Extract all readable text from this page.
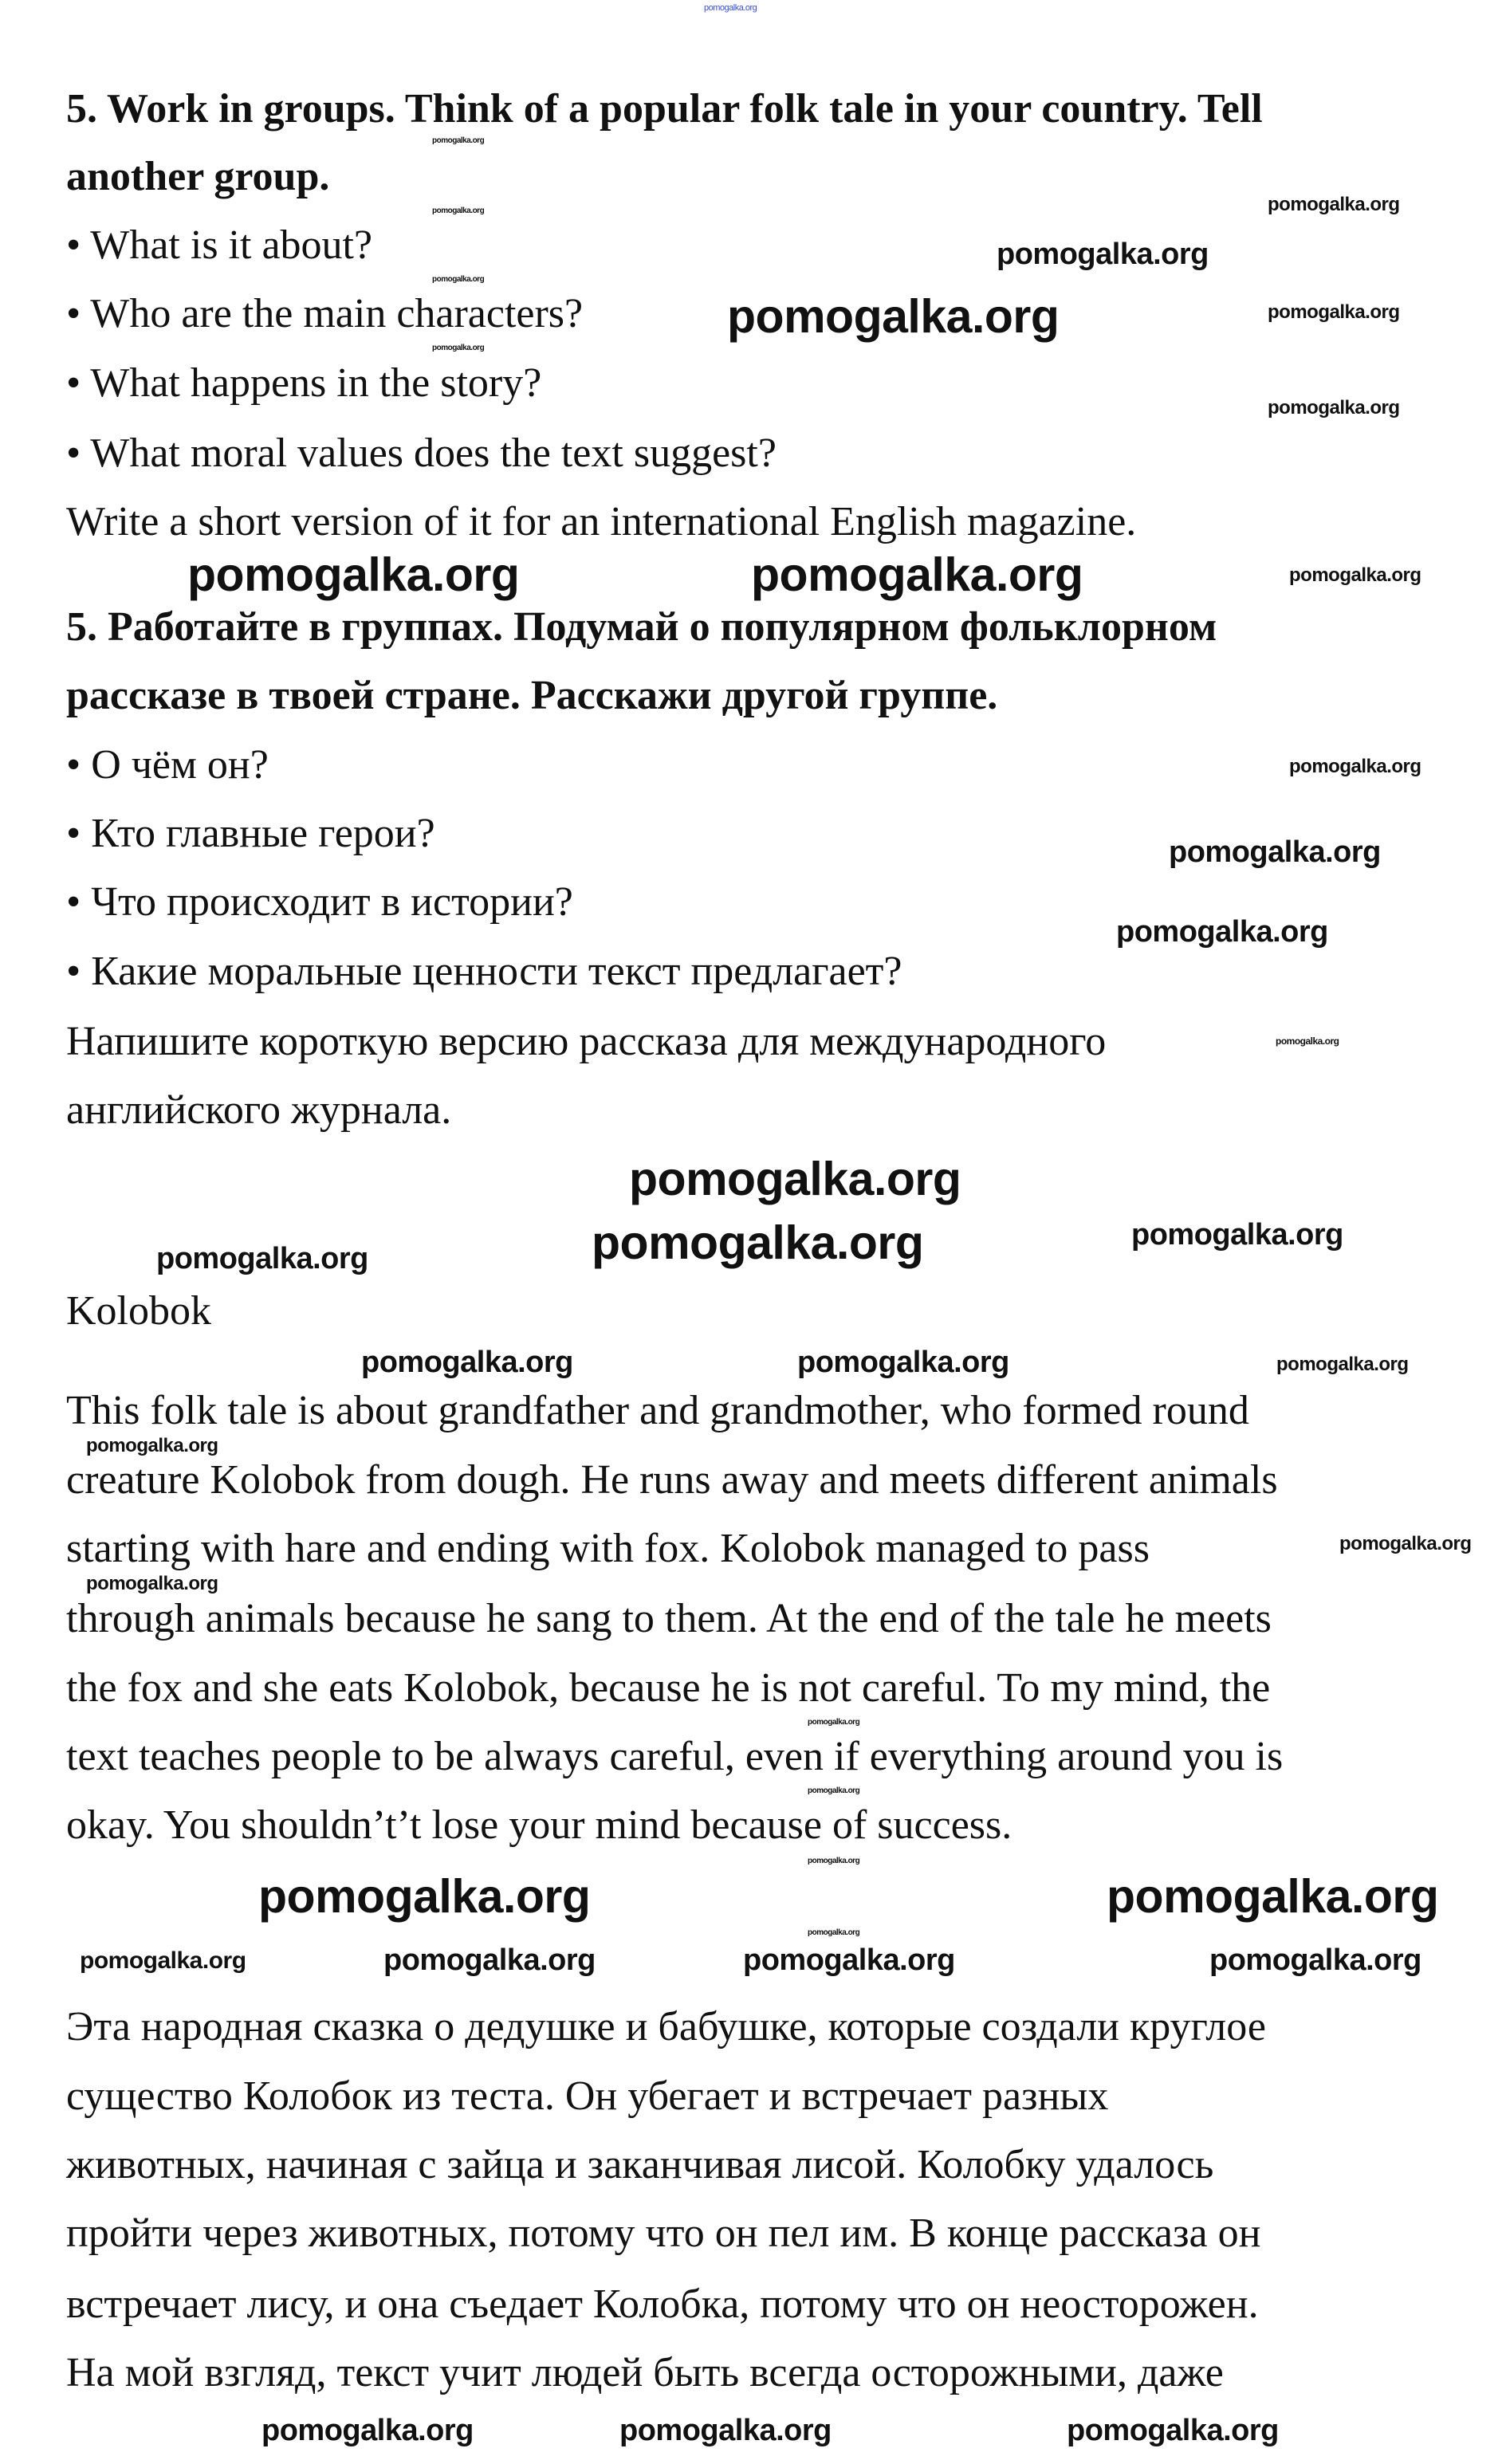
5. Work in groups. Think of a popular folk tale in your country. Tell
another group.
• What is it about?
• Who are the main characters?
• What happens in the story?
• What moral values does the text suggest?
Write a short version of it for an international English magazine.
5. Работайте в группах. Подумай о популярном фольклорном
рассказе в твоей стране. Расскажи другой группе.
• О чём он?
• Кто главные герои?
• Что происходит в истории?
• Какие моральные ценности текст предлагает?
Напишите короткую версию рассказа для международного
английского журнала.
Kolobok
This folk tale is about grandfather and grandmother, who formed round
creature Kolobok from dough. He runs away and meets different animals
starting with hare and ending with fox. Kolobok managed to pass
through animals because he sang to them. At the end of the tale he meets
the fox and she eats Kolobok, because he is not careful. To my mind, the
text teaches people to be always careful, even if everything around you is
okay. You shouldn’t’t lose your mind because of success.
Эта народная сказка о дедушке и бабушке, которые создали круглое
существо Колобок из теста. Он убегает и встречает разных
животных, начиная с зайца и заканчивая лисой. Колобку удалось
пройти через животных, потому что он пел им. В конце рассказа он
встречает лису, и она съедает Колобка, потому что он неосторожен.
На мой взгляд, текст учит людей быть всегда осторожными, даже
pomogalka.org
pomogalka.org
pomogalka.org
pomogalka.org
pomogalka.org
pomogalka.org
pomogalka.org
pomogalka.org
pomogalka.org
pomogalka.org
pomogalka.org
pomogalka.org
pomogalka.org	pomogalka.org
pomogalka.org
pomogalka.org
pomogalka.org
pomogalka.org
pomogalka.org
pomogalka.org
pomogalka.org
pomogalka.org
pomogalka.org
pomogalka.org	pomogalka.org
pomogalka.org
pomogalka.org
pomogalka.org
pomogalka.org
pomogalka.org
pomogalka.org
pomogalka.org	pomogalka.org
pomogalka.org	pomogalka.org	pomogalka.org	pomogalka.org
pomogalka.org	pomogalka.org	pomogalka.org
